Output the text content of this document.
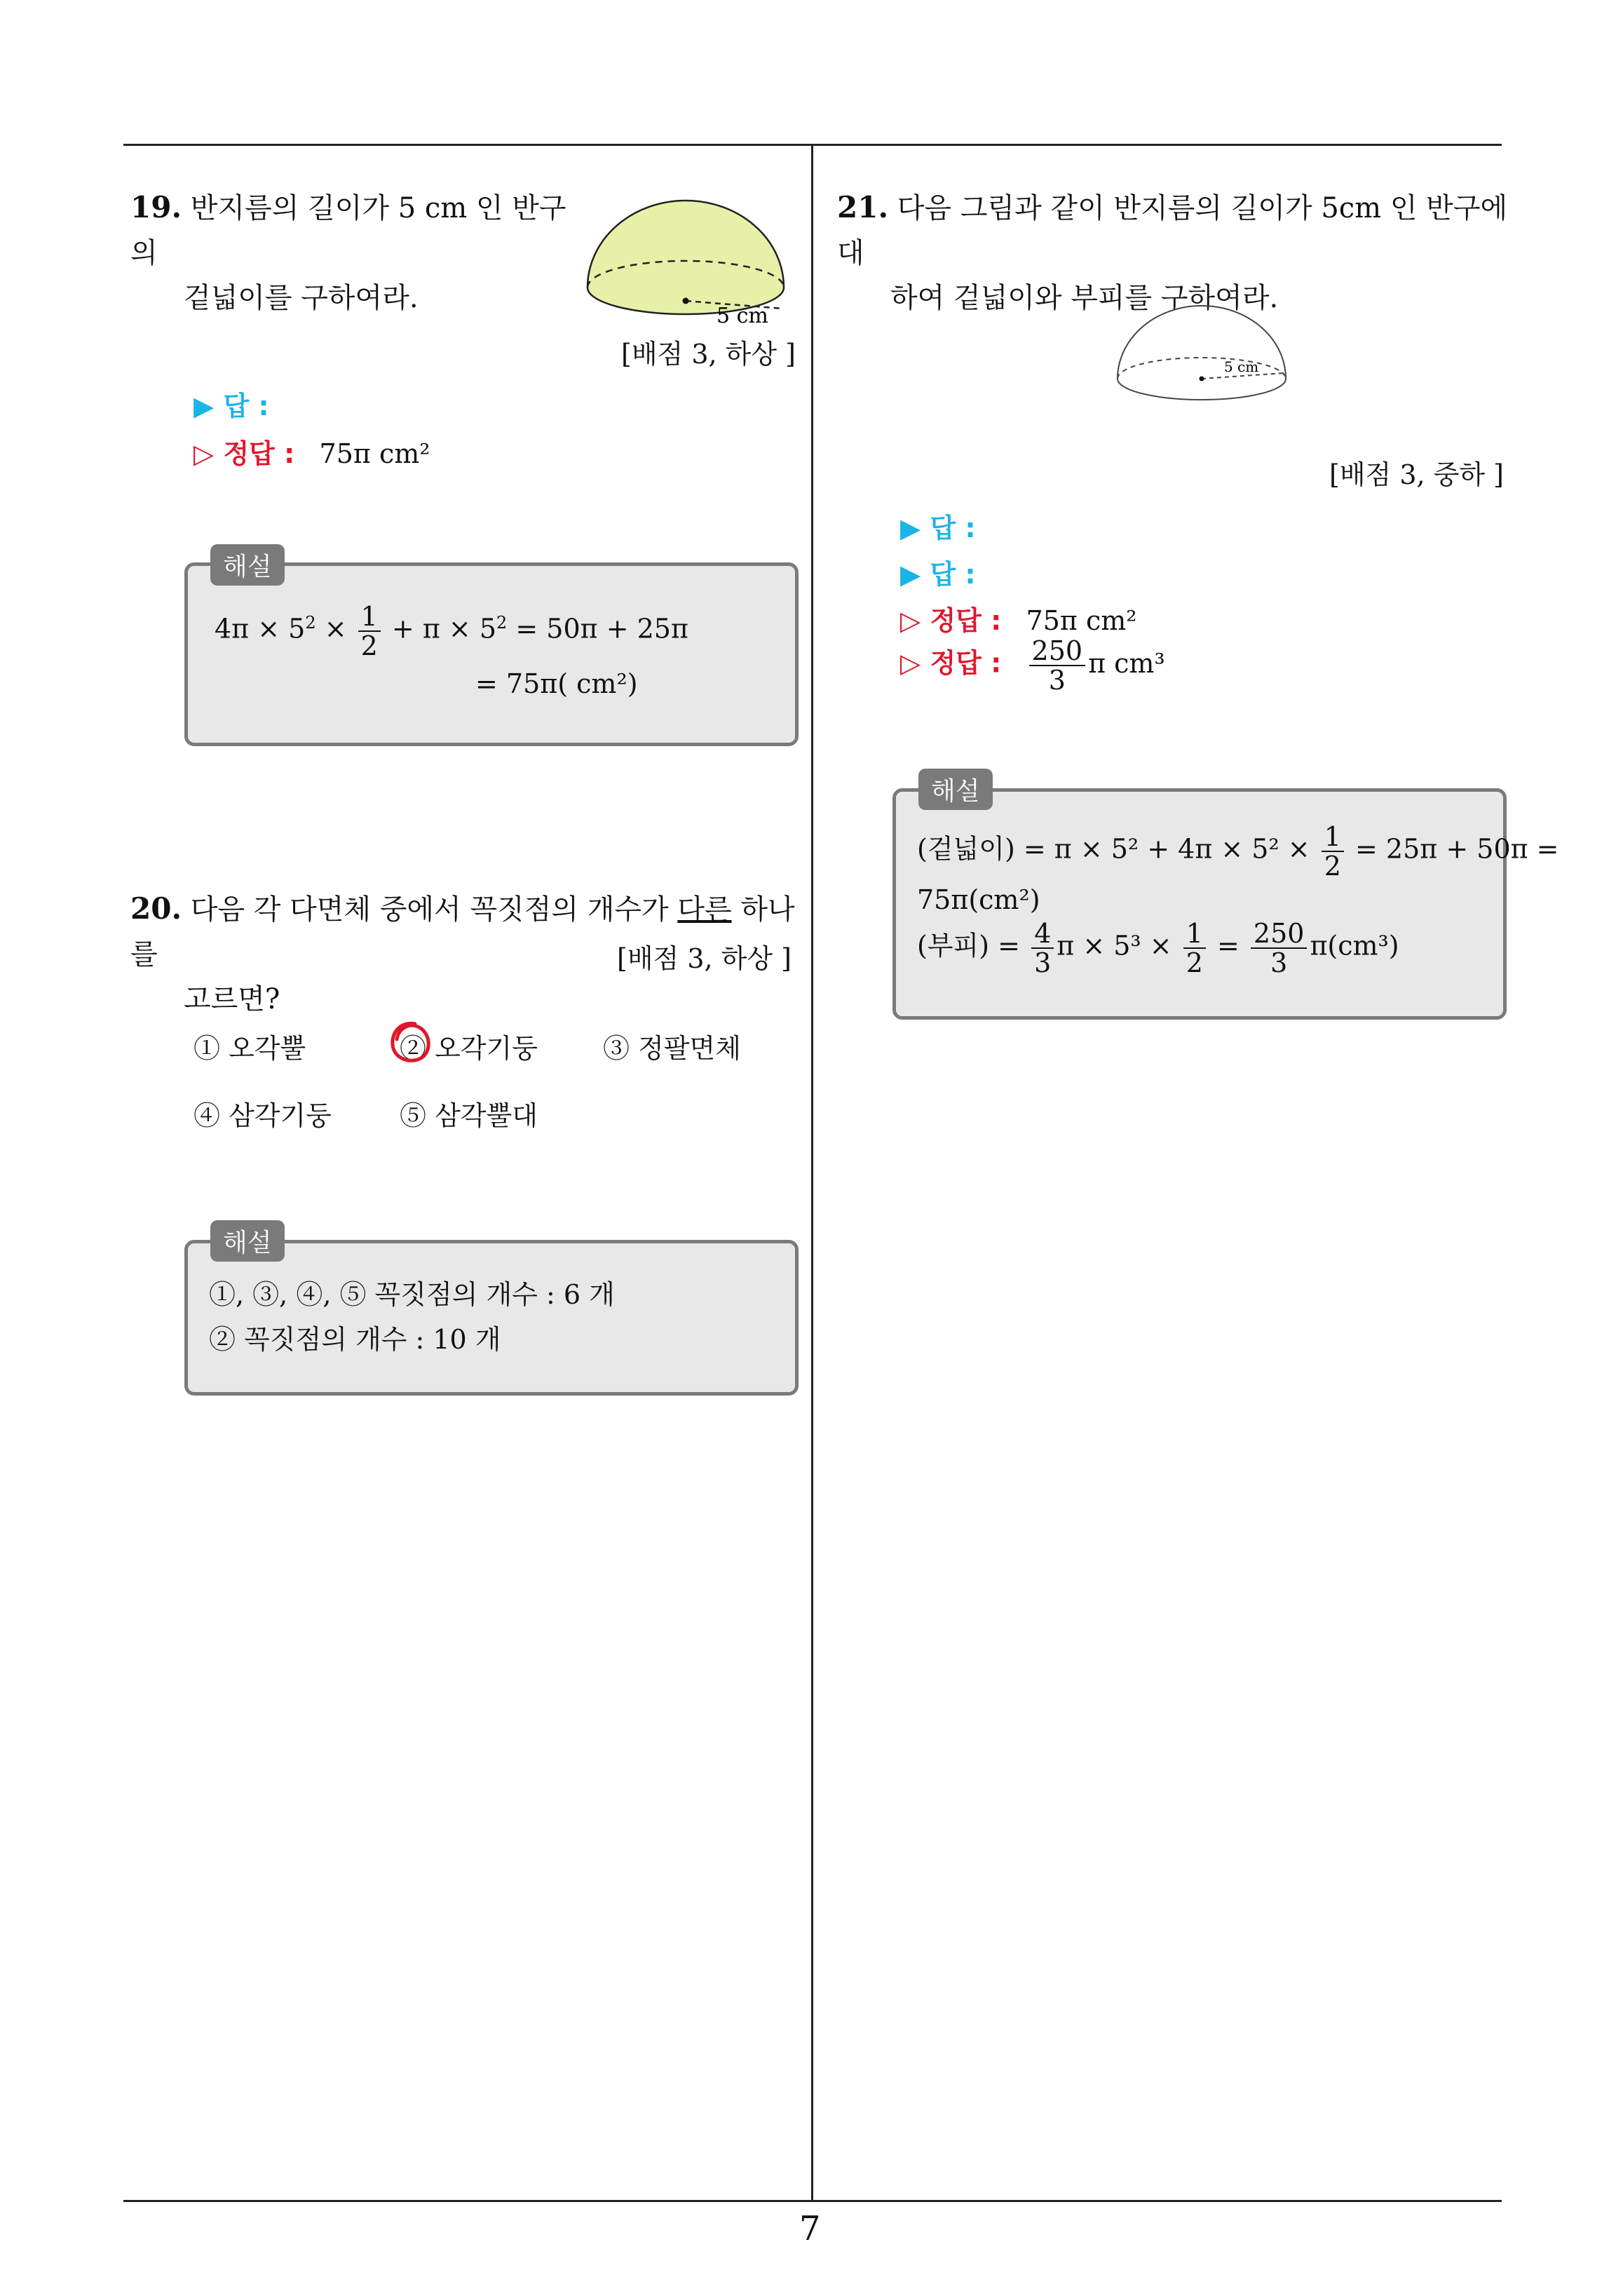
19. 반지름의 길이가 5 cm 인 반구의
겉넓이를 구하여라.
5 cm
[배점 3, 하상 ]
▶ 답 :
▷ 정답 : 75π cm²
$4\pi \times 5^2 \times \frac{1}{2} + \pi \times 5^2 = 50\pi + 25\pi$
= 75π( cm²)
해설
20. 다음 각 다면체 중에서 꼭짓점의 개수가 다른 하나를
고르면?
[배점 3, 하상 ]
① 오각뿔	② 오각기둥 ③ 정팔면체
④ 삼각기둥	⑤ 삼각뿔대
①, ③, ④, ⑤ 꼭짓점의 개수 : 6 개
② 꼭짓점의 개수 : 10 개
해설
21. 다음 그림과 같이 반지름의 길이가 5cm 인 반구에 대
하여 겉넓이와 부피를 구하여라.
5 cm
[배점 3, 중하 ]
▶ 답 :
▶ 답 :
▷ 정답 : 75π cm²
▷ 정답 : $\frac{250}{3}$ π cm³
(겉넓이) = $\pi \times 5^2 + 4\pi \times 5^2 \times \frac{1}{2} = 25\pi + 50\pi$ =
75π(cm²)
(부피) = $\frac{4}{3}$ $\pi \times 5^3 \times \frac{1}{2} = \frac{250}{3} \pi(cm^3)$
해설
7
